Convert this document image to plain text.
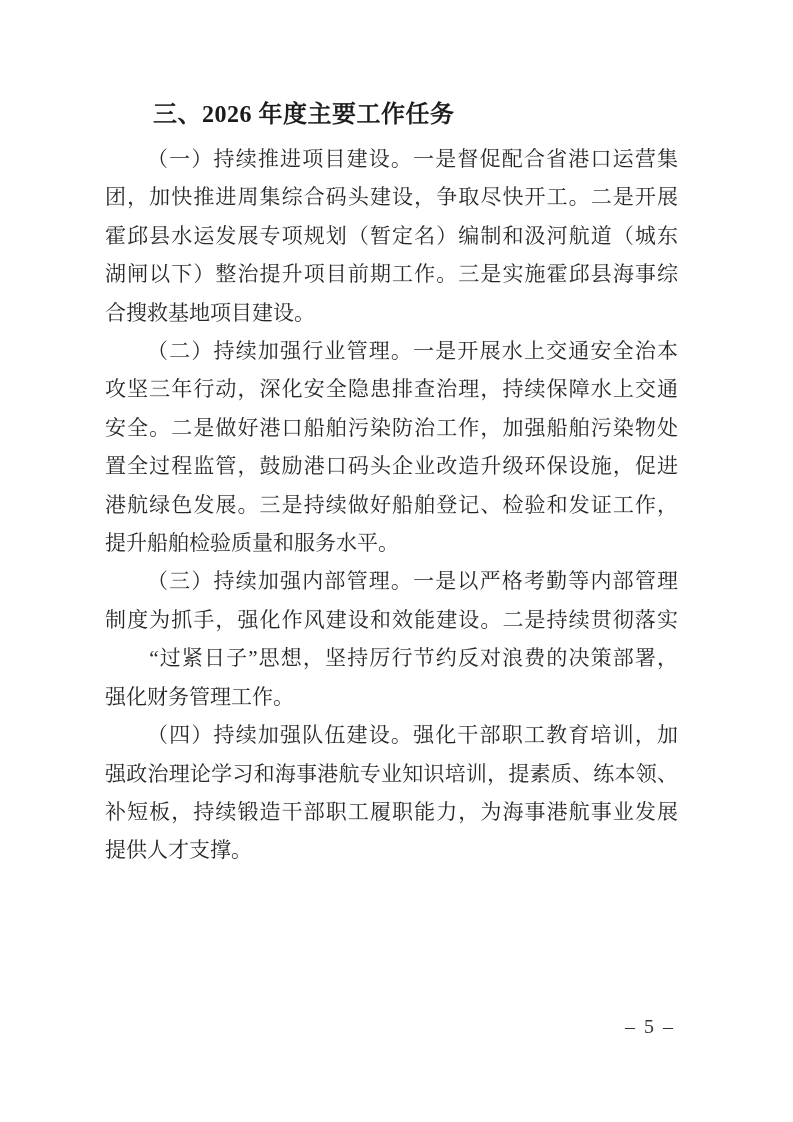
三、2026 年度主要工作任务
（一）持续推进项目建设。一是督促配合省港口运营集
团，加快推进周集综合码头建设，争取尽快开工。二是开展
霍邱县水运发展专项规划（暂定名）编制和汲河航道（城东
湖闸以下）整治提升项目前期工作。三是实施霍邱县海事综
合搜救基地项目建设。
（二）持续加强行业管理。一是开展水上交通安全治本
攻坚三年行动，深化安全隐患排查治理，持续保障水上交通
安全。二是做好港口船舶污染防治工作，加强船舶污染物处
置全过程监管，鼓励港口码头企业改造升级环保设施，促进
港航绿色发展。三是持续做好船舶登记、检验和发证工作，
提升船舶检验质量和服务水平。
（三）持续加强内部管理。一是以严格考勤等内部管理
制度为抓手，强化作风建设和效能建设。二是持续贯彻落实
　　“过紧日子”思想，坚持厉行节约反对浪费的决策部署，
强化财务管理工作。
（四）持续加强队伍建设。强化干部职工教育培训，加
强政治理论学习和海事港航专业知识培训，提素质、练本领、
补短板，持续锻造干部职工履职能力，为海事港航事业发展
提供人才支撑。
– 5 –
